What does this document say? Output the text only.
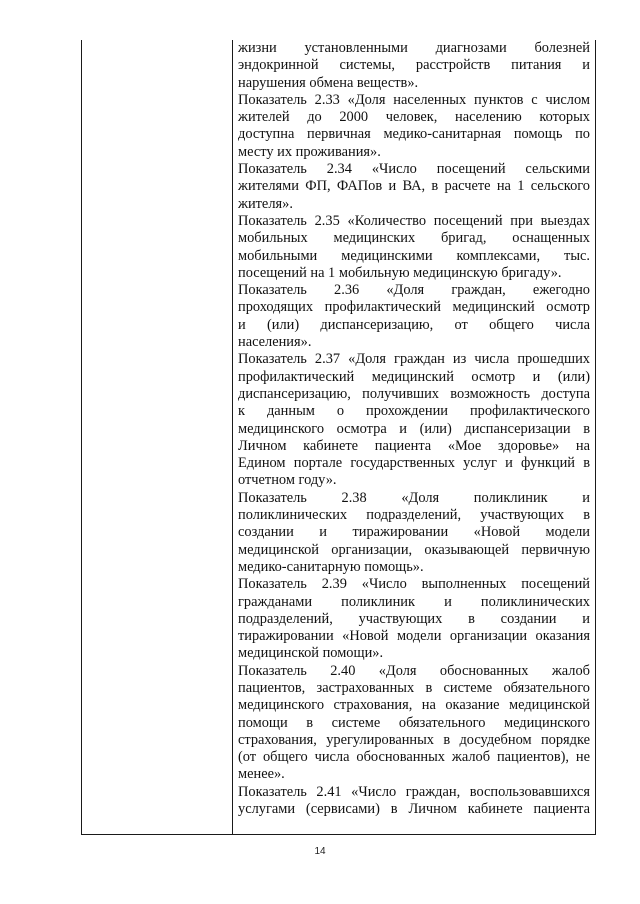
жизни установленными диагнозами болезней
эндокринной системы, расстройств питания и
нарушения обмена веществ».
Показатель 2.33 «Доля населенных пунктов с числом
жителей до 2000 человек, населению которых
доступна первичная медико-санитарная помощь по
месту их проживания».
Показатель 2.34 «Число посещений сельскими
жителями ФП, ФАПов и ВА, в расчете на 1 сельского
жителя».
Показатель 2.35 «Количество посещений при выездах
мобильных медицинских бригад, оснащенных
мобильными медицинскими комплексами, тыс.
посещений на 1 мобильную медицинскую бригаду».
Показатель 2.36 «Доля граждан, ежегодно
проходящих профилактический медицинский осмотр
и (или) диспансеризацию, от общего числа
населения».
Показатель 2.37 «Доля граждан из числа прошедших
профилактический медицинский осмотр и (или)
диспансеризацию, получивших возможность доступа
к данным о прохождении профилактического
медицинского осмотра и (или) диспансеризации в
Личном кабинете пациента «Мое здоровье» на
Едином портале государственных услуг и функций в
отчетном году».
Показатель 2.38 «Доля поликлиник и
поликлинических подразделений, участвующих в
создании и тиражировании «Новой модели
медицинской организации, оказывающей первичную
медико-санитарную помощь».
Показатель 2.39 «Число выполненных посещений
гражданами поликлиник и поликлинических
подразделений, участвующих в создании и
тиражировании «Новой модели организации оказания
медицинской помощи».
Показатель 2.40 «Доля обоснованных жалоб
пациентов, застрахованных в системе обязательного
медицинского страхования, на оказание медицинской
помощи в системе обязательного медицинского
страхования, урегулированных в досудебном порядке
(от общего числа обоснованных жалоб пациентов), не
менее».
Показатель 2.41 «Число граждан, воспользовавшихся
услугами (сервисами) в Личном кабинете пациента
14
